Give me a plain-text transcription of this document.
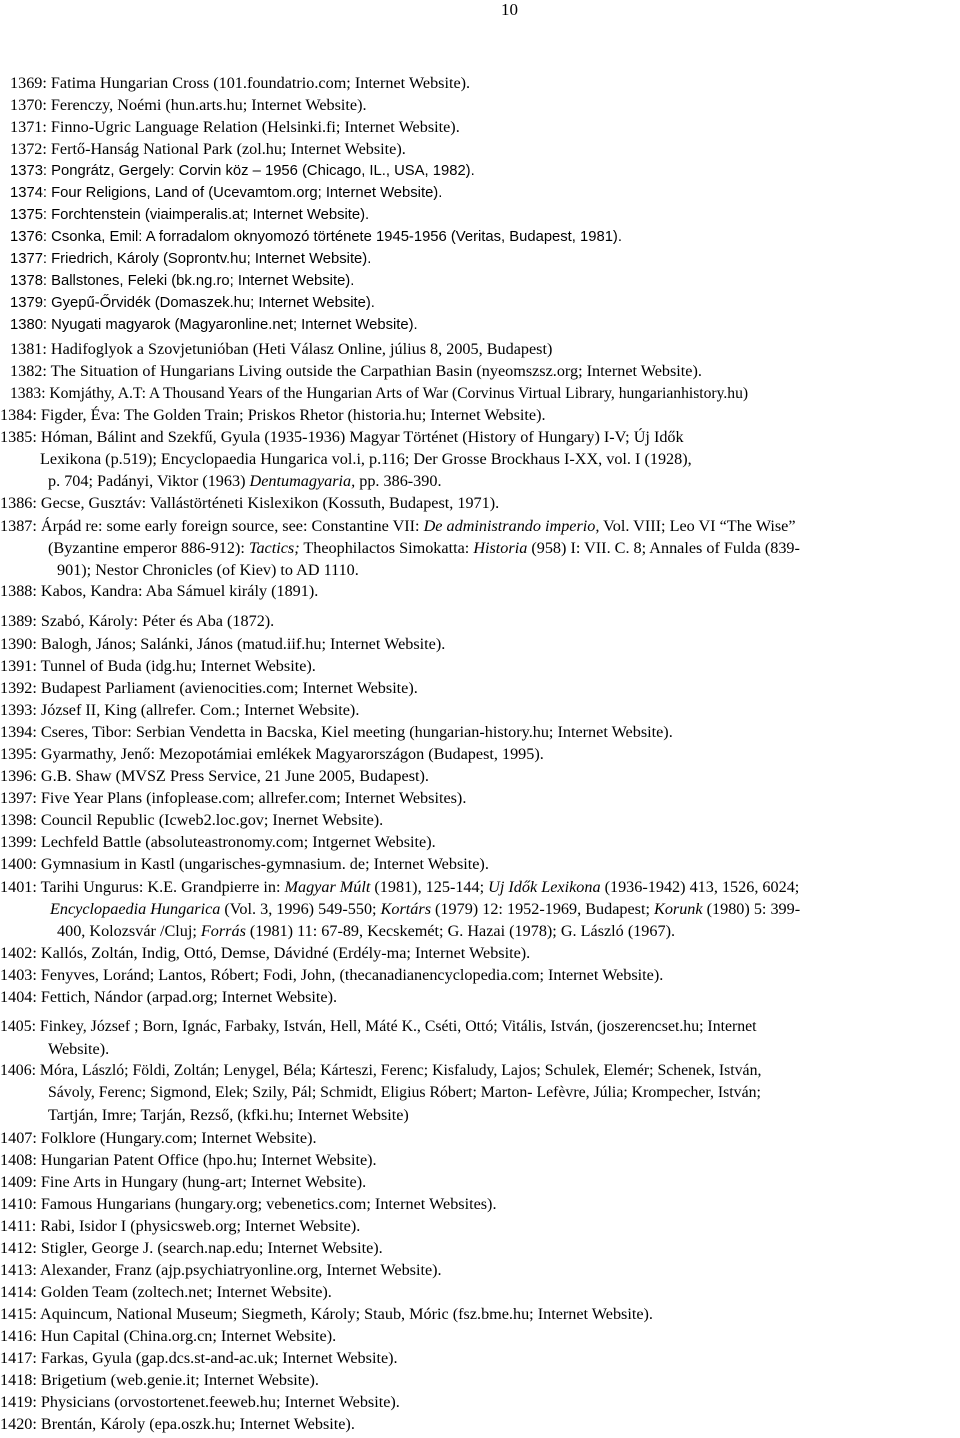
10

1369: Fatima Hungarian Cross (101.foundatrio.com; Internet Website).

1370: Ferenczy, Noémi (hun.arts.hu; Internet Website).

1371: Finno-Ugric Language Relation (Helsinki.fi; Internet Website).

1372: Fertő-Hanság National Park (zol.hu; Internet Website).

1373: Pongrátz, Gergely: Corvin köz – 1956 (Chicago, IL., USA, 1982).

1374: Four Religions, Land of (Ucevamtom.org; Internet Website).

1375: Forchtenstein (viaimperalis.at; Internet Website).

1376: Csonka, Emil: A forradalom oknyomozó története 1945-1956 (Veritas, Budapest, 1981).

1377: Friedrich, Károly (Soprontv.hu; Internet Website).

1378: Ballstones, Feleki (bk.ng.ro; Internet Website).

1379: Gyepű-Őrvidék (Domaszek.hu; Internet Website).

1380: Nyugati magyarok (Magyaronline.net; Internet Website).

1381: Hadifoglyok a Szovjetunióban (Heti Válasz Online, július 8, 2005, Budapest)

1382: The Situation of Hungarians Living outside the Carpathian Basin (nyeomszsz.org; Internet Website).

1383: Komjáthy, A.T: A Thousand Years of the Hungarian Arts of War (Corvinus Virtual Library, hungarianhistory.hu)

1384: Figder, Éva: The Golden Train; Priskos Rhetor (historia.hu; Internet Website).

1385: Hóman, Bálint and Szekfű, Gyula (1935-1936) Magyar Történet (History of Hungary) I-V; Új Idők
Lexikona (p.519); Encyclopaedia Hungarica vol.i, p.116; Der Grosse Brockhaus I-XX, vol. I (1928),
p. 704; Padányi, Viktor (1963) Dentumagyaria, pp. 386-390.

1386: Gecse, Gusztáv: Vallástörténeti Kislexikon (Kossuth, Budapest, 1971).

1387: Árpád re: some early foreign source, see: Constantine VII: De administrando imperio, Vol. VIII; Leo VI “The Wise”
(Byzantine emperor 886-912): Tactics; Theophilactos Simokatta: Historia (958) I: VII. C. 8; Annales of Fulda (839-
901); Nestor Chronicles (of Kiev) to AD 1110.

1388: Kabos, Kandra: Aba Sámuel király (1891).

1389: Szabó, Károly: Péter és Aba (1872).

1390: Balogh, János; Salánki, János (matud.iif.hu; Internet Website).

1391: Tunnel of Buda (idg.hu; Internet Website).

1392: Budapest Parliament (avienocities.com; Internet Website).

1393: József II, King (allrefer. Com.; Internet Website).

1394: Cseres, Tibor: Serbian Vendetta in Bacska, Kiel meeting (hungarian-history.hu; Internet Website).

1395: Gyarmathy, Jenő: Mezopotámiai emlékek Magyarországon (Budapest, 1995).

1396: G.B. Shaw (MVSZ Press Service, 21 June 2005, Budapest).

1397: Five Year Plans (infoplease.com; allrefer.com; Internet Websites).

1398: Council Republic (Icweb2.loc.gov; Inernet Website).

1399: Lechfeld Battle (absoluteastronomy.com; Intgernet Website).

1400: Gymnasium in Kastl (ungarisches-gymnasium. de; Internet Website).

1401: Tarihi Ungurus: K.E. Grandpierre in: Magyar Múlt (1981), 125-144; Uj Idők Lexikona (1936-1942) 413, 1526, 6024;
Encyclopaedia Hungarica (Vol. 3, 1996) 549-550; Kortárs (1979) 12: 1952-1969, Budapest; Korunk (1980) 5: 399-
400, Kolozsvár /Cluj; Forrás (1981) 11: 67-89, Kecskemét; G. Hazai (1978); G. László (1967).

1402: Kallós, Zoltán, Indig, Ottó, Demse, Dávidné (Erdély-ma; Internet Website).

1403: Fenyves, Loránd; Lantos, Róbert; Fodi, John, (thecanadianencyclopedia.com; Internet Website).

1404: Fettich, Nándor (arpad.org; Internet Website).

1405: Finkey, József ; Born, Ignác, Farbaky, István, Hell, Máté K., Cséti, Ottó; Vitális, István, (joszerencset.hu; Internet
Website).
1406: Móra, László; Földi, Zoltán; Lenygel, Béla; Kárteszi, Ferenc; Kisfaludy, Lajos; Schulek, Elemér; Schenek, István,
Sávoly, Ferenc; Sigmond, Elek; Szily, Pál; Schmidt, Eligius Róbert; Marton- Lefèvre, Júlia; Krompecher, István;
Tartján, Imre; Tarján, Rezső, (kfki.hu; Internet Website)

1407: Folklore (Hungary.com; Internet Website).

1408: Hungarian Patent Office (hpo.hu; Internet Website).

1409: Fine Arts in Hungary (hung-art; Internet Website).

1410: Famous Hungarians (hungary.org; vebenetics.com; Internet Websites).

1411: Rabi, Isidor I (physicsweb.org; Internet Website).

1412: Stigler, George J. (search.nap.edu; Internet Website).

1413: Alexander, Franz (ajp.psychiatryonline.org, Internet Website).

1414: Golden Team (zoltech.net; Internet Website).

1415: Aquincum, National Museum; Siegmeth, Károly; Staub, Móric (fsz.bme.hu; Internet Website).

1416: Hun Capital (China.org.cn; Internet Website).

1417: Farkas, Gyula (gap.dcs.st-and-ac.uk; Internet Website).

1418: Brigetium (web.genie.it; Internet Website).

1419: Physicians (orvostortenet.feeweb.hu; Internet Website).

1420: Brentán, Károly (epa.oszk.hu; Internet Website).
